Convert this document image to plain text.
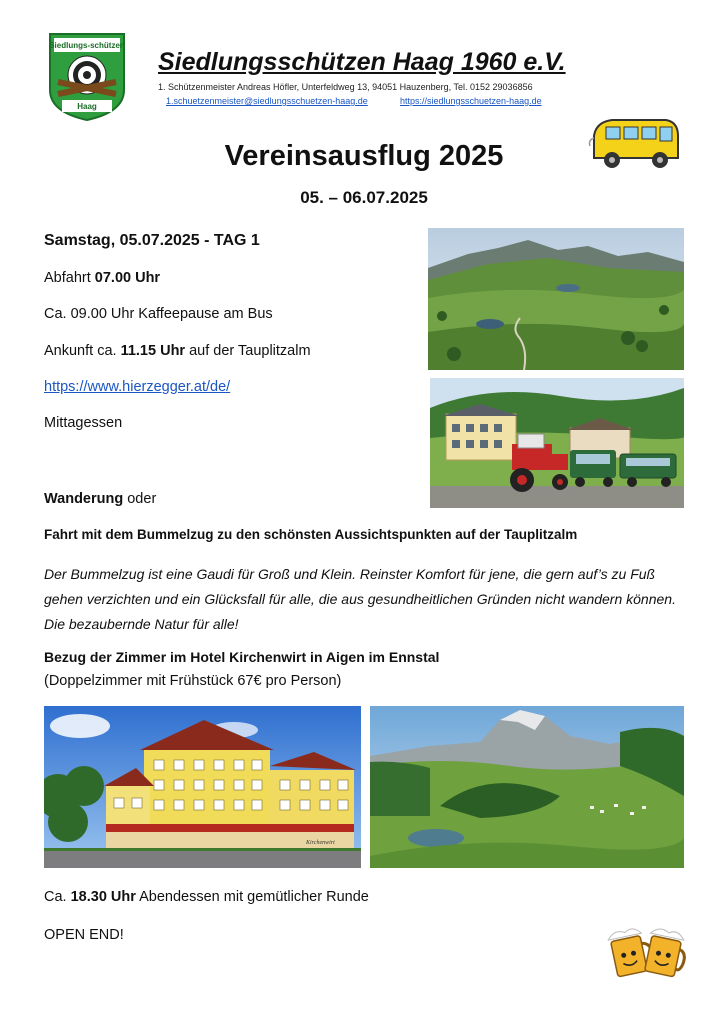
Siedlungs-schützen
Haag
Siedlungsschützen Haag 1960 e.V.
1. Schützenmeister Andreas Höfler, Unterfeldweg 13, 94051 Hauzenberg, Tel. 0152 29036856
1.schuetzenmeister@siedlungsschuetzen-haag.de	https://siedlungsschuetzen-haag.de
Vereinsausflug 2025
05. – 06.07.2025
Samstag, 05.07.2025 - TAG 1
Abfahrt 07.00 Uhr
Ca. 09.00 Uhr Kaffeepause am Bus
Ankunft ca. 11.15 Uhr auf der Tauplitzalm
https://www.hierzegger.at/de/
Mittagessen
Wanderung oder
Fahrt mit dem Bummelzug zu den schönsten Aussichtspunkten auf der Tauplitzalm
Der Bummelzug ist eine Gaudi für Groß und Klein. Reinster Komfort für jene, die gern auf’s zu Fuß gehen verzichten und ein Glücksfall für alle, die aus gesundheitlichen Gründen nicht wandern können. Die bezaubernde Natur für alle!
Bezug der Zimmer im Hotel Kirchenwirt in Aigen im Ennstal
(Doppelzimmer mit Frühstück 67€ pro Person)
Ca. 18.30 Uhr Abendessen mit gemütlicher Runde
OPEN END!
Kirchenwirt
